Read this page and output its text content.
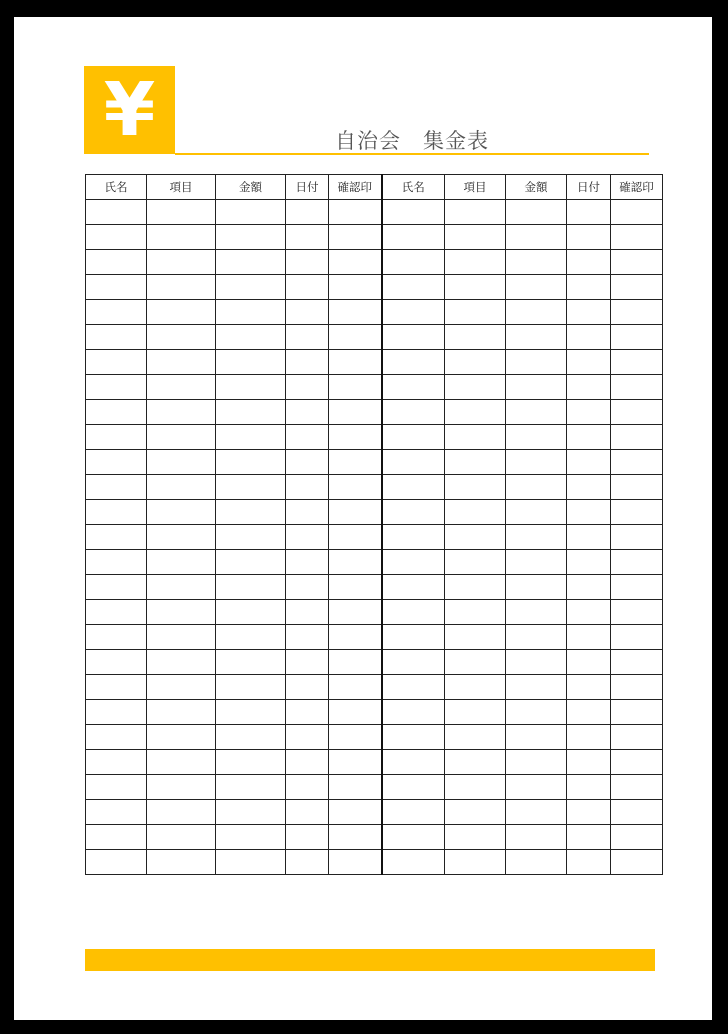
¥	自治会　集金表
氏名	項目	金額	日付	確認印	氏名	項目	金額	日付	確認印
